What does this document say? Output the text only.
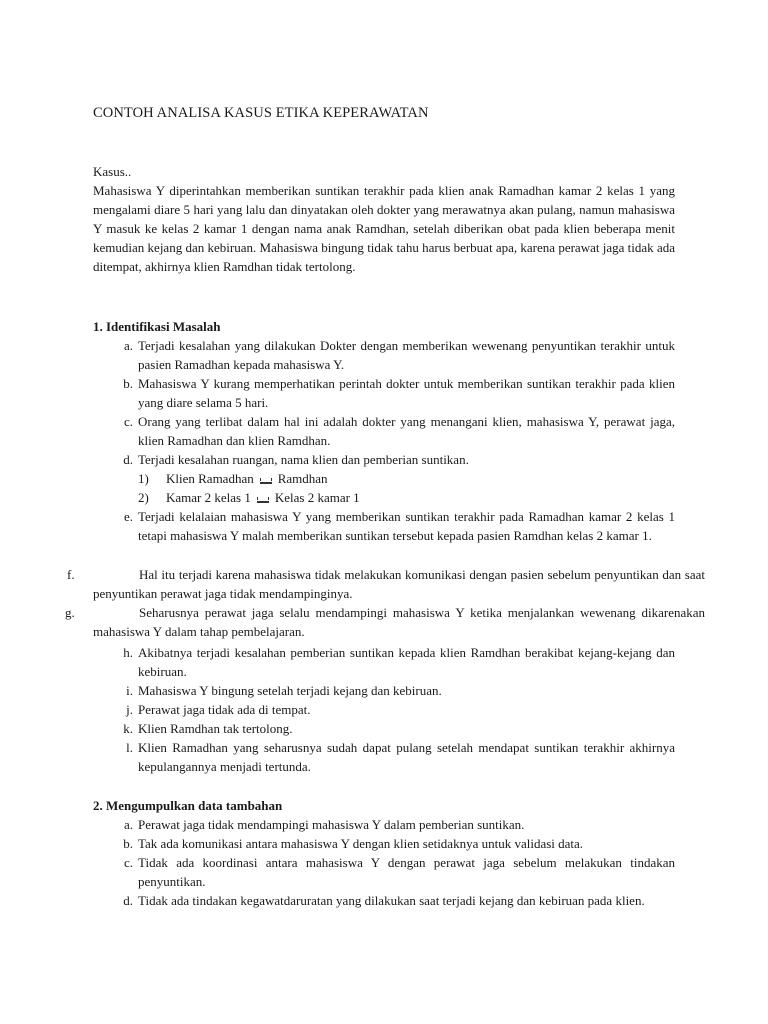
CONTOH ANALISA KASUS ETIKA KEPERAWATAN

Kasus..

Mahasiswa Y diperintahkan memberikan suntikan terakhir pada klien anak Ramadhan kamar 2 kelas 1 yang mengalami diare 5 hari yang lalu dan dinyatakan oleh dokter yang merawatnya akan pulang, namun mahasiswa Y masuk ke kelas 2 kamar 1 dengan nama anak Ramdhan, setelah diberikan obat pada klien beberapa menit kemudian kejang dan kebiruan. Mahasiswa bingung tidak tahu harus berbuat apa, karena perawat jaga tidak ada ditempat, akhirnya klien Ramdhan tidak tertolong.

1. Identifikasi Masalah

a. Terjadi kesalahan yang dilakukan Dokter dengan memberikan wewenang penyuntikan terakhir untuk pasien Ramadhan kepada mahasiswa Y.

b. Mahasiswa Y kurang memperhatikan perintah dokter untuk memberikan suntikan terakhir pada klien yang diare selama 5 hari.

c. Orang yang terlibat dalam hal ini adalah dokter yang menangani klien, mahasiswa Y, perawat jaga, klien Ramadhan dan klien Ramdhan.

d. Terjadi kesalahan ruangan, nama klien dan pemberian suntikan.

1) Klien Ramadhan Ramdhan

2) Kamar 2 kelas 1 Kelas 2 kamar 1

e. Terjadi kelalaian mahasiswa Y yang memberikan suntikan terakhir pada Ramadhan kamar 2 kelas 1 tetapi mahasiswa Y malah memberikan suntikan tersebut kepada pasien Ramdhan kelas 2 kamar 1.

f.	Hal itu terjadi karena mahasiswa tidak melakukan komunikasi dengan pasien sebelum penyuntikan dan saat penyuntikan perawat jaga tidak mendampinginya.

g.	Seharusnya perawat jaga selalu mendampingi mahasiswa Y ketika menjalankan wewenang dikarenakan mahasiswa Y dalam tahap pembelajaran.

h. Akibatnya terjadi kesalahan pemberian suntikan kepada klien Ramdhan berakibat kejang-kejang dan kebiruan.

i. Mahasiswa Y bingung setelah terjadi kejang dan kebiruan.

j. Perawat jaga tidak ada di tempat.

k. Klien Ramdhan tak tertolong.

l. Klien Ramadhan yang seharusnya sudah dapat pulang setelah mendapat suntikan terakhir akhirnya kepulangannya menjadi tertunda.

2. Mengumpulkan data tambahan

a. Perawat jaga tidak mendampingi mahasiswa Y dalam pemberian suntikan.

b. Tak ada komunikasi antara mahasiswa Y dengan klien setidaknya untuk validasi data.

c. Tidak ada koordinasi antara mahasiswa Y dengan perawat jaga sebelum melakukan tindakan penyuntikan.

d. Tidak ada tindakan kegawatdaruratan yang dilakukan saat terjadi kejang dan kebiruan pada klien.
